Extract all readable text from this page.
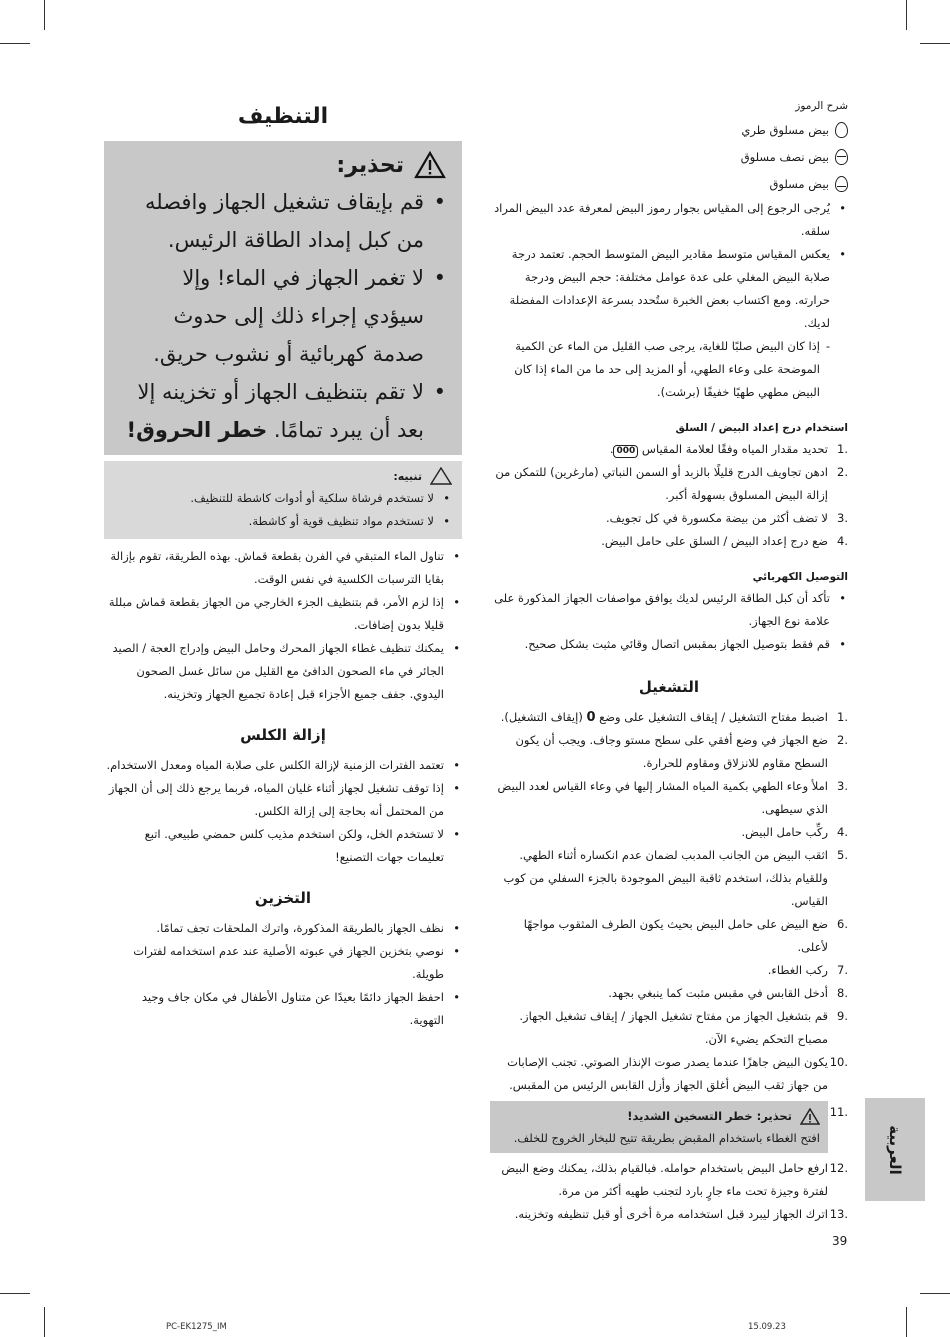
شرح الرموز

بيض مسلوق طري
بيض نصف مسلوق
بيض مسلوق
• يُرجى الرجوع إلى المقياس بجوار رموز البيض لمعرفة عدد البيض المراد سلقه.
• يعكس المقياس متوسط مقادير البيض المتوسط الحجم. تعتمد درجة صلابة البيض المغلي على عدة عوامل مختلفة: حجم البيض ودرجة حرارته. ومع اكتساب بعض الخبرة ستُحدد بسرعة الإعدادات المفضلة لديك.

- إذا كان البيض صلبًا للغاية، يرجى صب القليل من الماء عن الكمية الموضحة على وعاء الطهي، أو المزيد إلى حد ما من الماء إذا كان البيض مطهي طهيًا خفيفًا (برشت).

استخدام درج إعداد البيض / السلق

1.
تحديد مقدار المياه وفقًا لعلامة المقياس 000.
2.
ادهن تجاويف الدرج قليلًا بالزبد أو السمن النباتي (مارغرين) للتمكن من إزالة البيض المسلوق بسهولة أكبر.
3.
لا تضف أكثر من بيضة مكسورة في كل تجويف.
4.
ضع درج إعداد البيض / السلق على حامل البيض.

التوصيل الكهربائي

• تأكد أن كبل الطاقة الرئيس لديك يوافق مواصفات الجهاز المذكورة على علامة نوع الجهاز.
• قم فقط بتوصيل الجهاز بمقبس اتصال وقائي مثبت بشكل صحيح.

التشغيل

1.
اضبط مفتاح التشغيل / إيقاف التشغيل على وضع 0 (إيقاف التشغيل).
2.
ضع الجهاز في وضع أفقي على سطح مستو وجاف. ويجب أن يكون السطح مقاوم للانزلاق ومقاوم للحرارة.
3.
املأ وعاء الطهي بكمية المياه المشار إليها في وعاء القياس لعدد البيض الذي سيطهى.
4.
ركِّب حامل البيض.
5.
اثقب البيض من الجانب المدبب لضمان عدم انكساره أثناء الطهي. وللقيام بذلك، استخدم ثاقبة البيض الموجودة بالجزء السفلي من كوب القياس.
6.
ضع البيض على حامل البيض بحيث يكون الطرف المثقوب مواجهًا لأعلى.
7.
ركب الغطاء.
8.
أدخل القابس في مقبس مثبت كما ينبغي بجهد.
9.
قم بتشغيل الجهاز من مفتاح تشغيل الجهاز / إيقاف تشغيل الجهاز. مصباح التحكم يضيء الآن.
10.
يكون البيض جاهزًا عندما يصدر صوت الإنذار الصوتي. تجنب الإصابات من جهاز ثقب البيض أغلق الجهاز وأزل القابس الرئيس من المقبس.
11.
تحذير: خطر التسخين الشديد!
افتح الغطاء باستخدام المقبض بطريقة تتيح للبخار الخروج للخلف.
12.
ارفع حامل البيض باستخدام حوامله. فبالقيام بذلك، يمكنك وضع البيض لفترة وجيزة تحت ماء جارٍ بارد لتجنب طهيه أكثر من مرة.
13.
اترك الجهاز ليبرد قبل استخدامه مرة أخرى أو قبل تنظيفه وتخزينه.

التنظيف

تحذير:
• قم بإيقاف تشغيل الجهاز وافصله من كبل إمداد الطاقة الرئيس.
• لا تغمر الجهاز في الماء! وإلا سيؤدي إجراء ذلك إلى حدوث صدمة كهربائية أو نشوب حريق.
• لا تقم بتنظيف الجهاز أو تخزينه إلا بعد أن يبرد تمامًا. خطر الحروق!
تنبيه:
• لا تستخدم فرشاة سلكية أو أدوات كاشطة للتنظيف.
• لا تستخدم مواد تنظيف قوية أو كاشطة.
• تناول الماء المتبقي في الفرن بقطعة قماش. بهذه الطريقة، تقوم بإزالة بقايا الترسبات الكلسية في نفس الوقت.
• إذا لزم الأمر، قم بتنظيف الجزء الخارجي من الجهاز بقطعة قماش مبللة قليلا بدون إضافات.
• يمكنك تنظيف غطاء الجهاز المحرك وحامل البيض وإدراج العجة / الصيد الجائر في ماء الصحون الدافئ مع القليل من سائل غسل الصحون اليدوي. جفف جميع الأجزاء قبل إعادة تجميع الجهاز وتخزينه.

إزالة الكلس

• تعتمد الفترات الزمنية لإزالة الكلس على صلابة المياه ومعدل الاستخدام.
• إذا توقف تشغيل لجهاز أثناء غليان المياه، فربما يرجع ذلك إلى أن الجهاز من المحتمل أنه بحاجة إلى إزالة الكلس.
• لا تستخدم الخل، ولكن استخدم مذيب كلس حمضي طبيعي. اتبع تعليمات جهات التصنيع!

التخزين

• نظف الجهاز بالطريقة المذكورة، واترك الملحقات تجف تمامًا.
• نوصي بتخزين الجهاز في عبوته الأصلية عند عدم استخدامه لفترات طويلة.
• احفظ الجهاز دائمًا بعيدًا عن متناول الأطفال في مكان جاف وجيد التهوية.
العربية
39
PC-EK1275_IM	15.09.23
